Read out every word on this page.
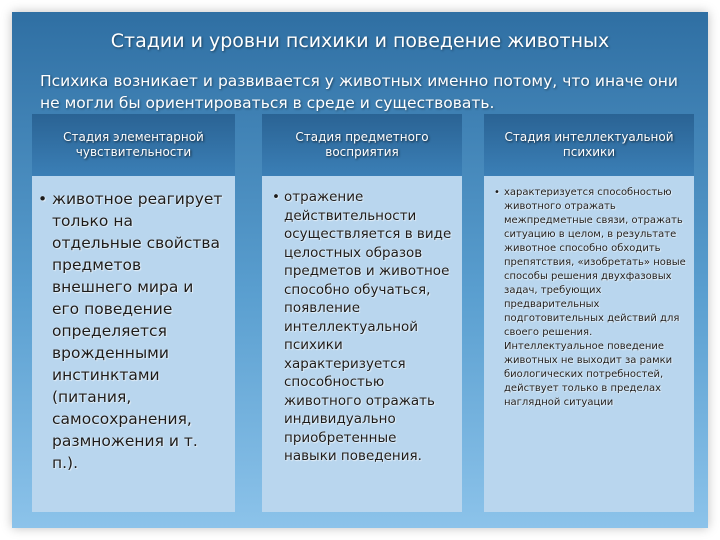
Стадии и уровни психики и поведение животных
Психика возникает и развивается у животных именно потому, что иначе они не могли бы ориентироваться в среде и существовать.
Стадия элементарной чувствительности
• животное реагирует только на отдельные свойства предметов внешнего мира и его поведение определяется врожденными инстинктами (питания, самосохранения, размножения и т. п.).
Стадия предметного восприятия
• отражение действительности осуществляется в виде целостных образов предметов и животное способно обучаться, появление интеллектуальной психики характеризуется способностью животного отражать индивидуально приобретенные навыки поведения.
Стадия интеллектуальной психики
• характеризуется способностью животного отражать межпредметные связи, отражать ситуацию в целом, в результате животное способно обходить препятствия, «изобретать» новые способы решения двухфазовых задач, требующих предварительных подготовительных действий для своего решения. Интеллектуальное поведение животных не выходит за рамки биологических потребностей, действует только в пределах наглядной ситуации
